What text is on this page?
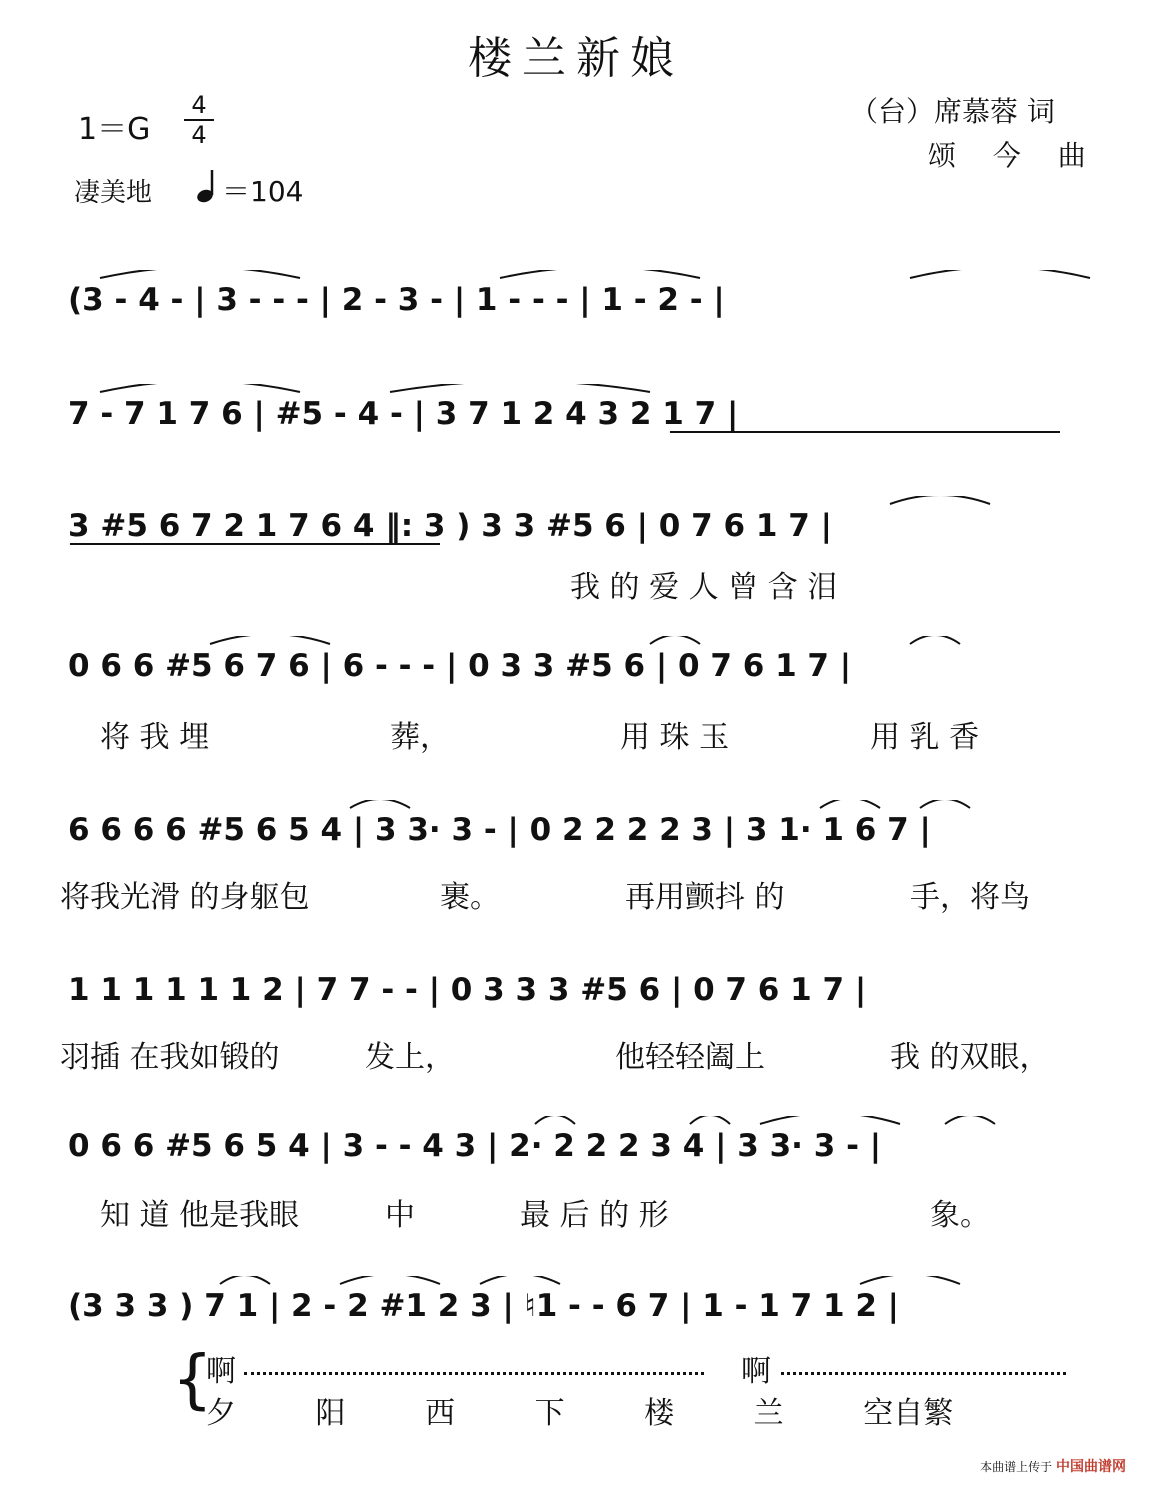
楼兰新娘
1＝G
4
4
凄美地 ＝104
（台）席慕蓉 词
颂 今 曲
(3 - 4 - | 3 - - - | 2 - 3 - | 1 - - - | 1 - 2 - |
7 - 7 1 7 6 | #5 - 4 - | 3 7 1 2 4 3 2 1 7 |
3 #5 6 7 2 1 7 6 4 ‖: 3 ) 3 3 #5 6 | 0 7 6 1 7 |
我 的 爱 人 曾 含 泪
0 6 6 #5 6 7 6 | 6 - - - | 0 3 3 #5 6 | 0 7 6 1 7 |
将 我 埋	葬，	用 珠 玉	用 乳 香
6 6 6 6 #5 6 5 4 | 3 3· 3 - | 0 2 2 2 2 3 | 3 1· 1 6 7 |
将我光滑 的身躯包	裹。	再用颤抖 的	手，将鸟
1 1 1 1 1 1 2 | 7 7 - - | 0 3 3 3 #5 6 | 0 7 6 1 7 |
羽插 在我如锻的	发上，	他轻轻阖上	我 的双眼，
0 6 6 #5 6 5 4 | 3 - - 4 3 | 2· 2 2 2 3 4 | 3 3· 3 - |
知 道 他是我眼	中	最 后 的 形	象。
(3 3 3 ) 7 1 | 2 - 2 #1 2 3 | ♮1 - - 6 7 | 1 - 1 7 1 2 |
{
啊	啊
夕 阳 西 下 楼 兰 空自繁
本曲谱上传于 中国曲谱网
